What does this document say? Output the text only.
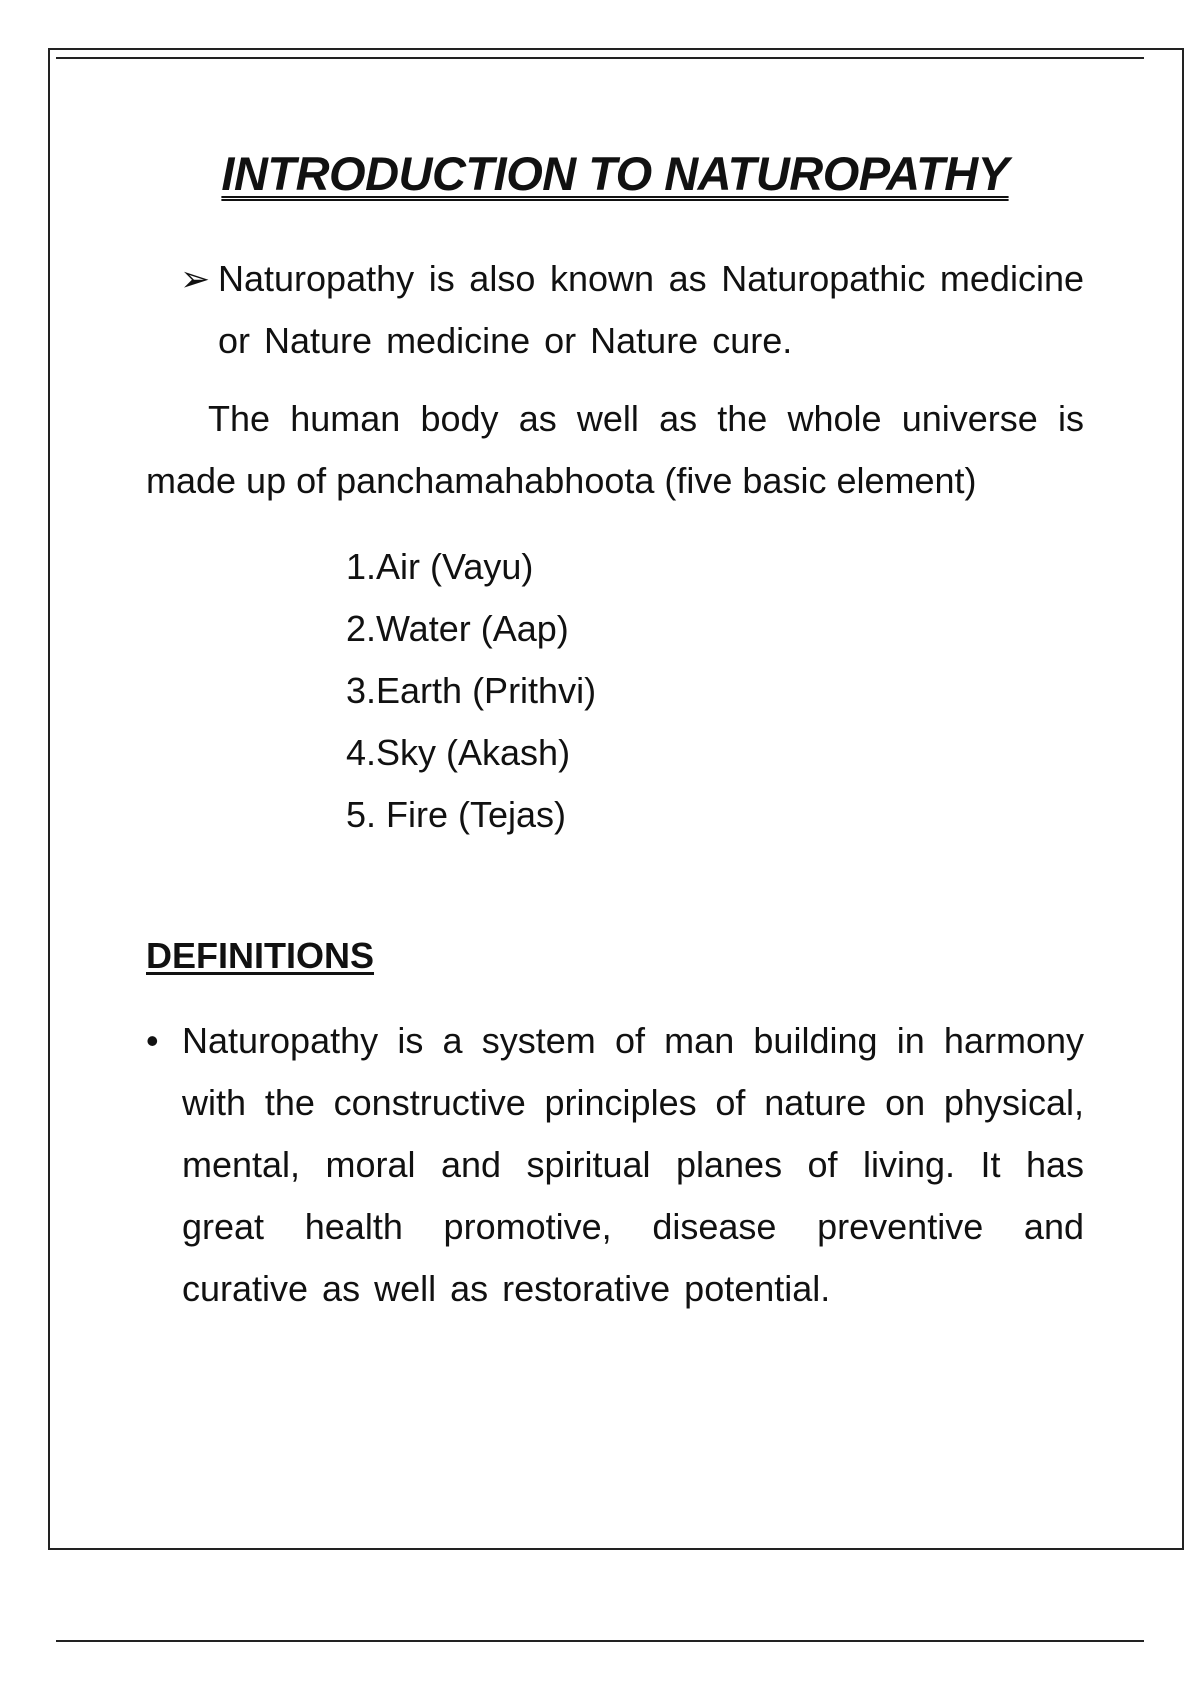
INTRODUCTION TO NATUROPATHY
➢ Naturopathy is also known as Naturopathic medicine or Nature medicine or Nature cure.
The human body as well as the whole universe is made up of panchamahabhoota (five basic element)
1.Air (Vayu)
2.Water (Aap)
3.Earth (Prithvi)
4.Sky (Akash)
5. Fire (Tejas)
DEFINITIONS
• Naturopathy is a system of man building in harmony with the constructive principles of nature on physical, mental, moral and spiritual planes of living. It has great health promotive, disease preventive and curative as well as restorative potential.
